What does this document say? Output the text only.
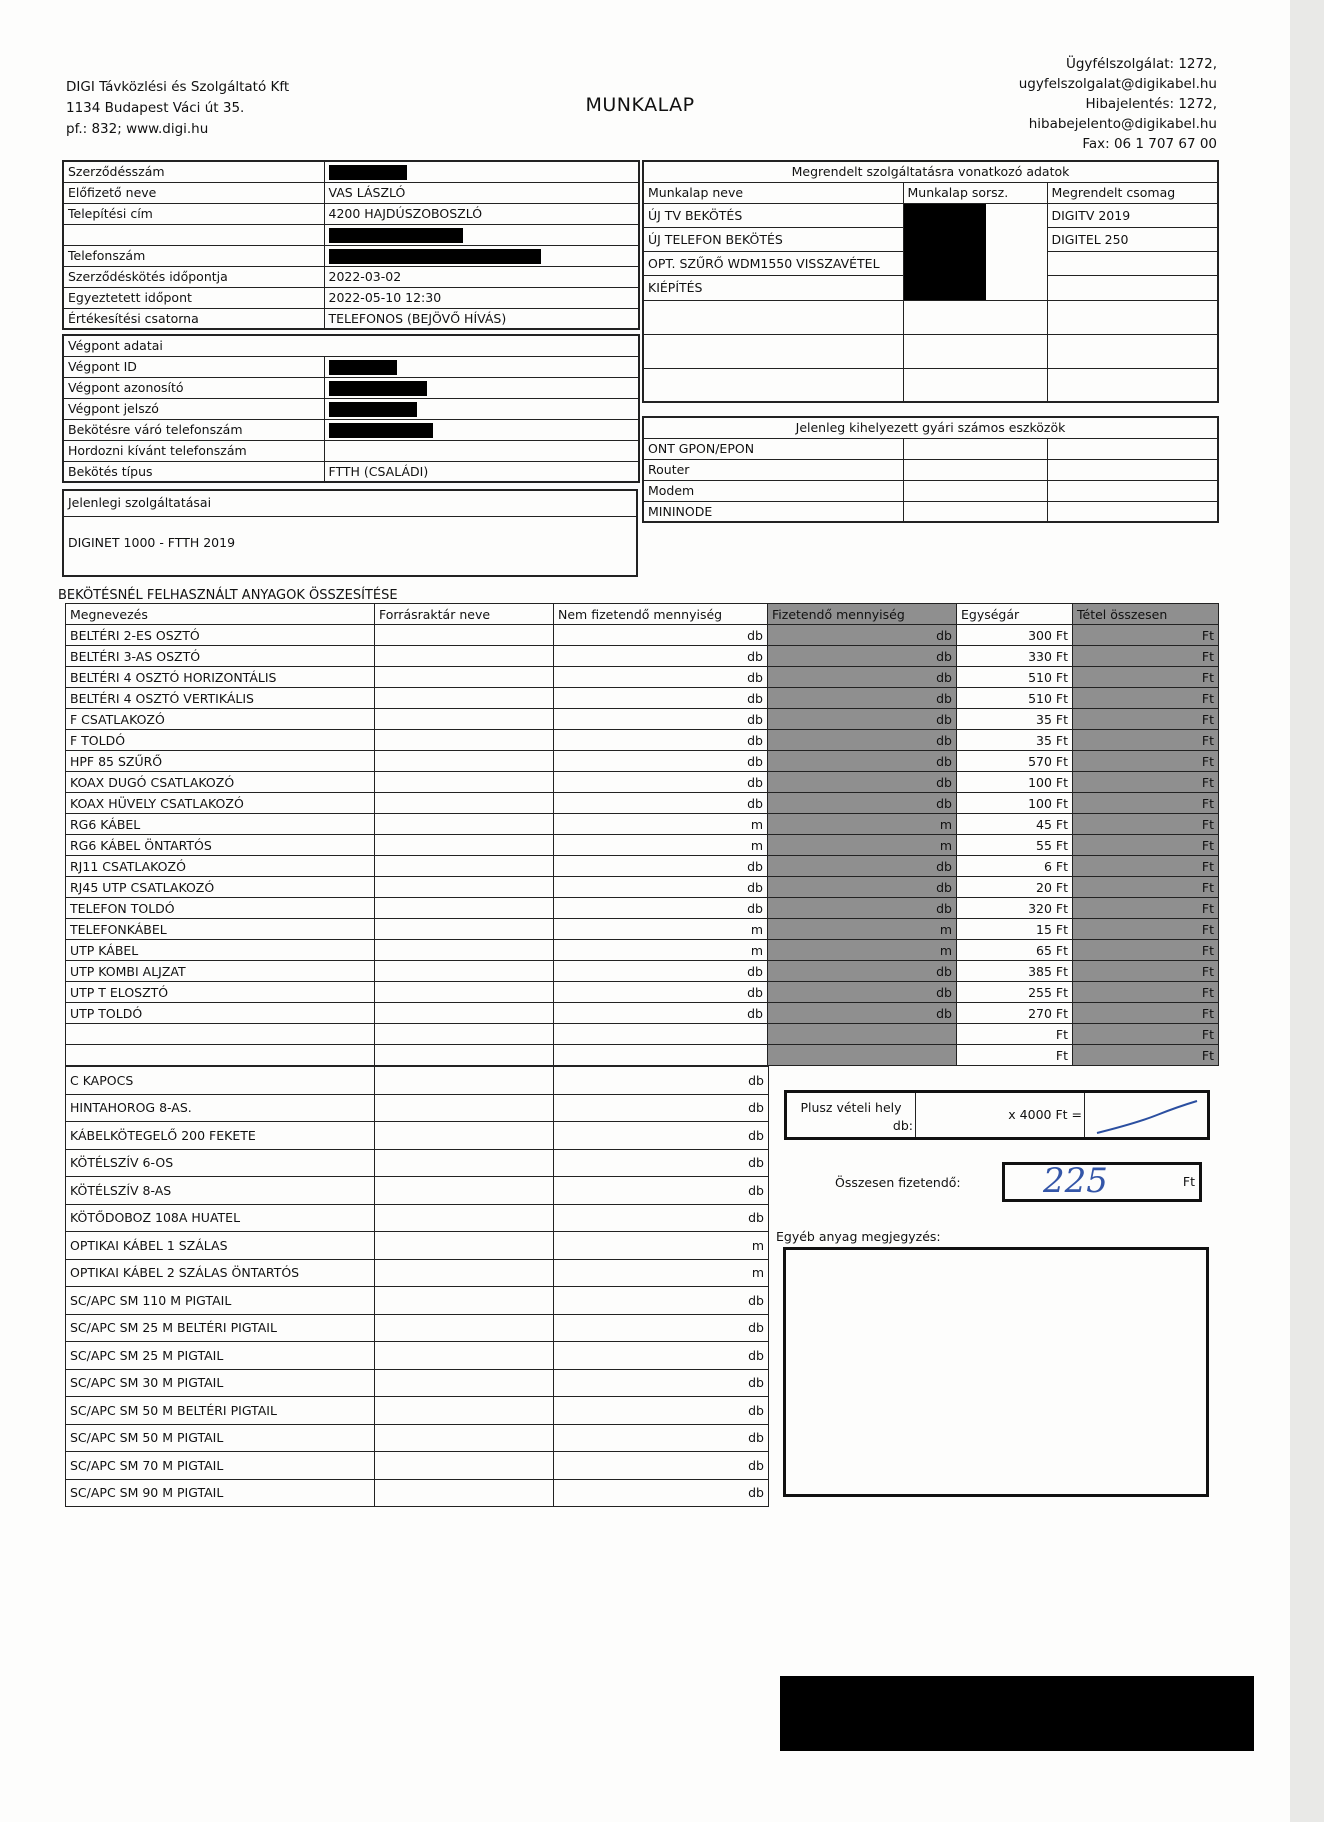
DIGI Távközlési és Szolgáltató Kft
1134 Budapest Váci út 35.
pf.: 832; www.digi.hu
MUNKALAP
Ügyfélszolgálat: 1272,
ugyfelszolgalat@digikabel.hu
Hibajelentés: 1272,
hibabejelento@digikabel.hu
Fax: 06 1 707 67 00
Szerződésszám	
Előfizető neve	VAS LÁSZLÓ
Telepítési cím	4200 HAJDÚSZOBOSZLÓ

Telefonszám	
Szerződéskötés időpontja	2022-03-02
Egyeztetett időpont	2022-05-10 12:30
Értékesítési csatorna	TELEFONOS (BEJÖVŐ HÍVÁS)
Végpont adatai	
Végpont ID	
Végpont azonosító	
Végpont jelszó	
Bekötésre váró telefonszám	
Hordozni kívánt telefonszám	
Bekötés típus	FTTH (CSALÁDI)
Jelenlegi szolgáltatásai
DIGINET 1000 - FTTH 2019
Megrendelt szolgáltatásra vonatkozó adatok		
Munkalap neve	Munkalap sorsz.	Megrendelt csomag
ÚJ TV BEKÖTÉS		DIGITV 2019
ÚJ TELEFON BEKÖTÉS		DIGITEL 250
OPT. SZŰRŐ WDM1550 VISSZAVÉTEL		
KIÉPÍTÉS		

Jelenleg kihelyezett gyári számos eszközök		
ONT GPON/EPON		
Router		
Modem		
MININODE		
BEKÖTÉSNÉL FELHASZNÁLT ANYAGOK ÖSSZESÍTÉSE
Megnevezés	Forrásraktár neve	Nem fizetendő mennyiség	Fizetendő mennyiség	Egységár	Tétel összesen
BELTÉRI 2-ES OSZTÓ		db	db	300 Ft	Ft
BELTÉRI 3-AS OSZTÓ		db	db	330 Ft	Ft
BELTÉRI 4 OSZTÓ HORIZONTÁLIS		db	db	510 Ft	Ft
BELTÉRI 4 OSZTÓ VERTIKÁLIS		db	db	510 Ft	Ft
F CSATLAKOZÓ		db	db	35 Ft	Ft
F TOLDÓ		db	db	35 Ft	Ft
HPF 85 SZŰRŐ		db	db	570 Ft	Ft
KOAX DUGÓ CSATLAKOZÓ		db	db	100 Ft	Ft
KOAX HÜVELY CSATLAKOZÓ		db	db	100 Ft	Ft
RG6 KÁBEL		m	m	45 Ft	Ft
RG6 KÁBEL ÖNTARTÓS		m	m	55 Ft	Ft
RJ11 CSATLAKOZÓ		db	db	6 Ft	Ft
RJ45 UTP CSATLAKOZÓ		db	db	20 Ft	Ft
TELEFON TOLDÓ		db	db	320 Ft	Ft
TELEFONKÁBEL		m	m	15 Ft	Ft
UTP KÁBEL		m	m	65 Ft	Ft
UTP KOMBI ALJZAT		db	db	385 Ft	Ft
UTP T ELOSZTÓ		db	db	255 Ft	Ft
UTP TOLDÓ		db	db	270 Ft	Ft
				Ft	Ft
				Ft	Ft
C KAPOCS		db
HINTAHOROG 8-AS.		db
KÁBELKÖTEGELŐ 200 FEKETE		db
KÖTÉLSZÍV 6-OS		db
KÖTÉLSZÍV 8-AS		db
KÖTŐDOBOZ 108A HUATEL		db
OPTIKAI KÁBEL 1 SZÁLAS		m
OPTIKAI KÁBEL 2 SZÁLAS ÖNTARTÓS		m
SC/APC SM 110 M PIGTAIL		db
SC/APC SM 25 M BELTÉRI PIGTAIL		db
SC/APC SM 25 M PIGTAIL		db
SC/APC SM 30 M PIGTAIL		db
SC/APC SM 50 M BELTÉRI PIGTAIL		db
SC/APC SM 50 M PIGTAIL		db
SC/APC SM 70 M PIGTAIL		db
SC/APC SM 90 M PIGTAIL		db
Plusz vételi hely
db:
x 4000 Ft =
Összesen fizetendő: 225	Ft
Egyéb anyag megjegyzés:
